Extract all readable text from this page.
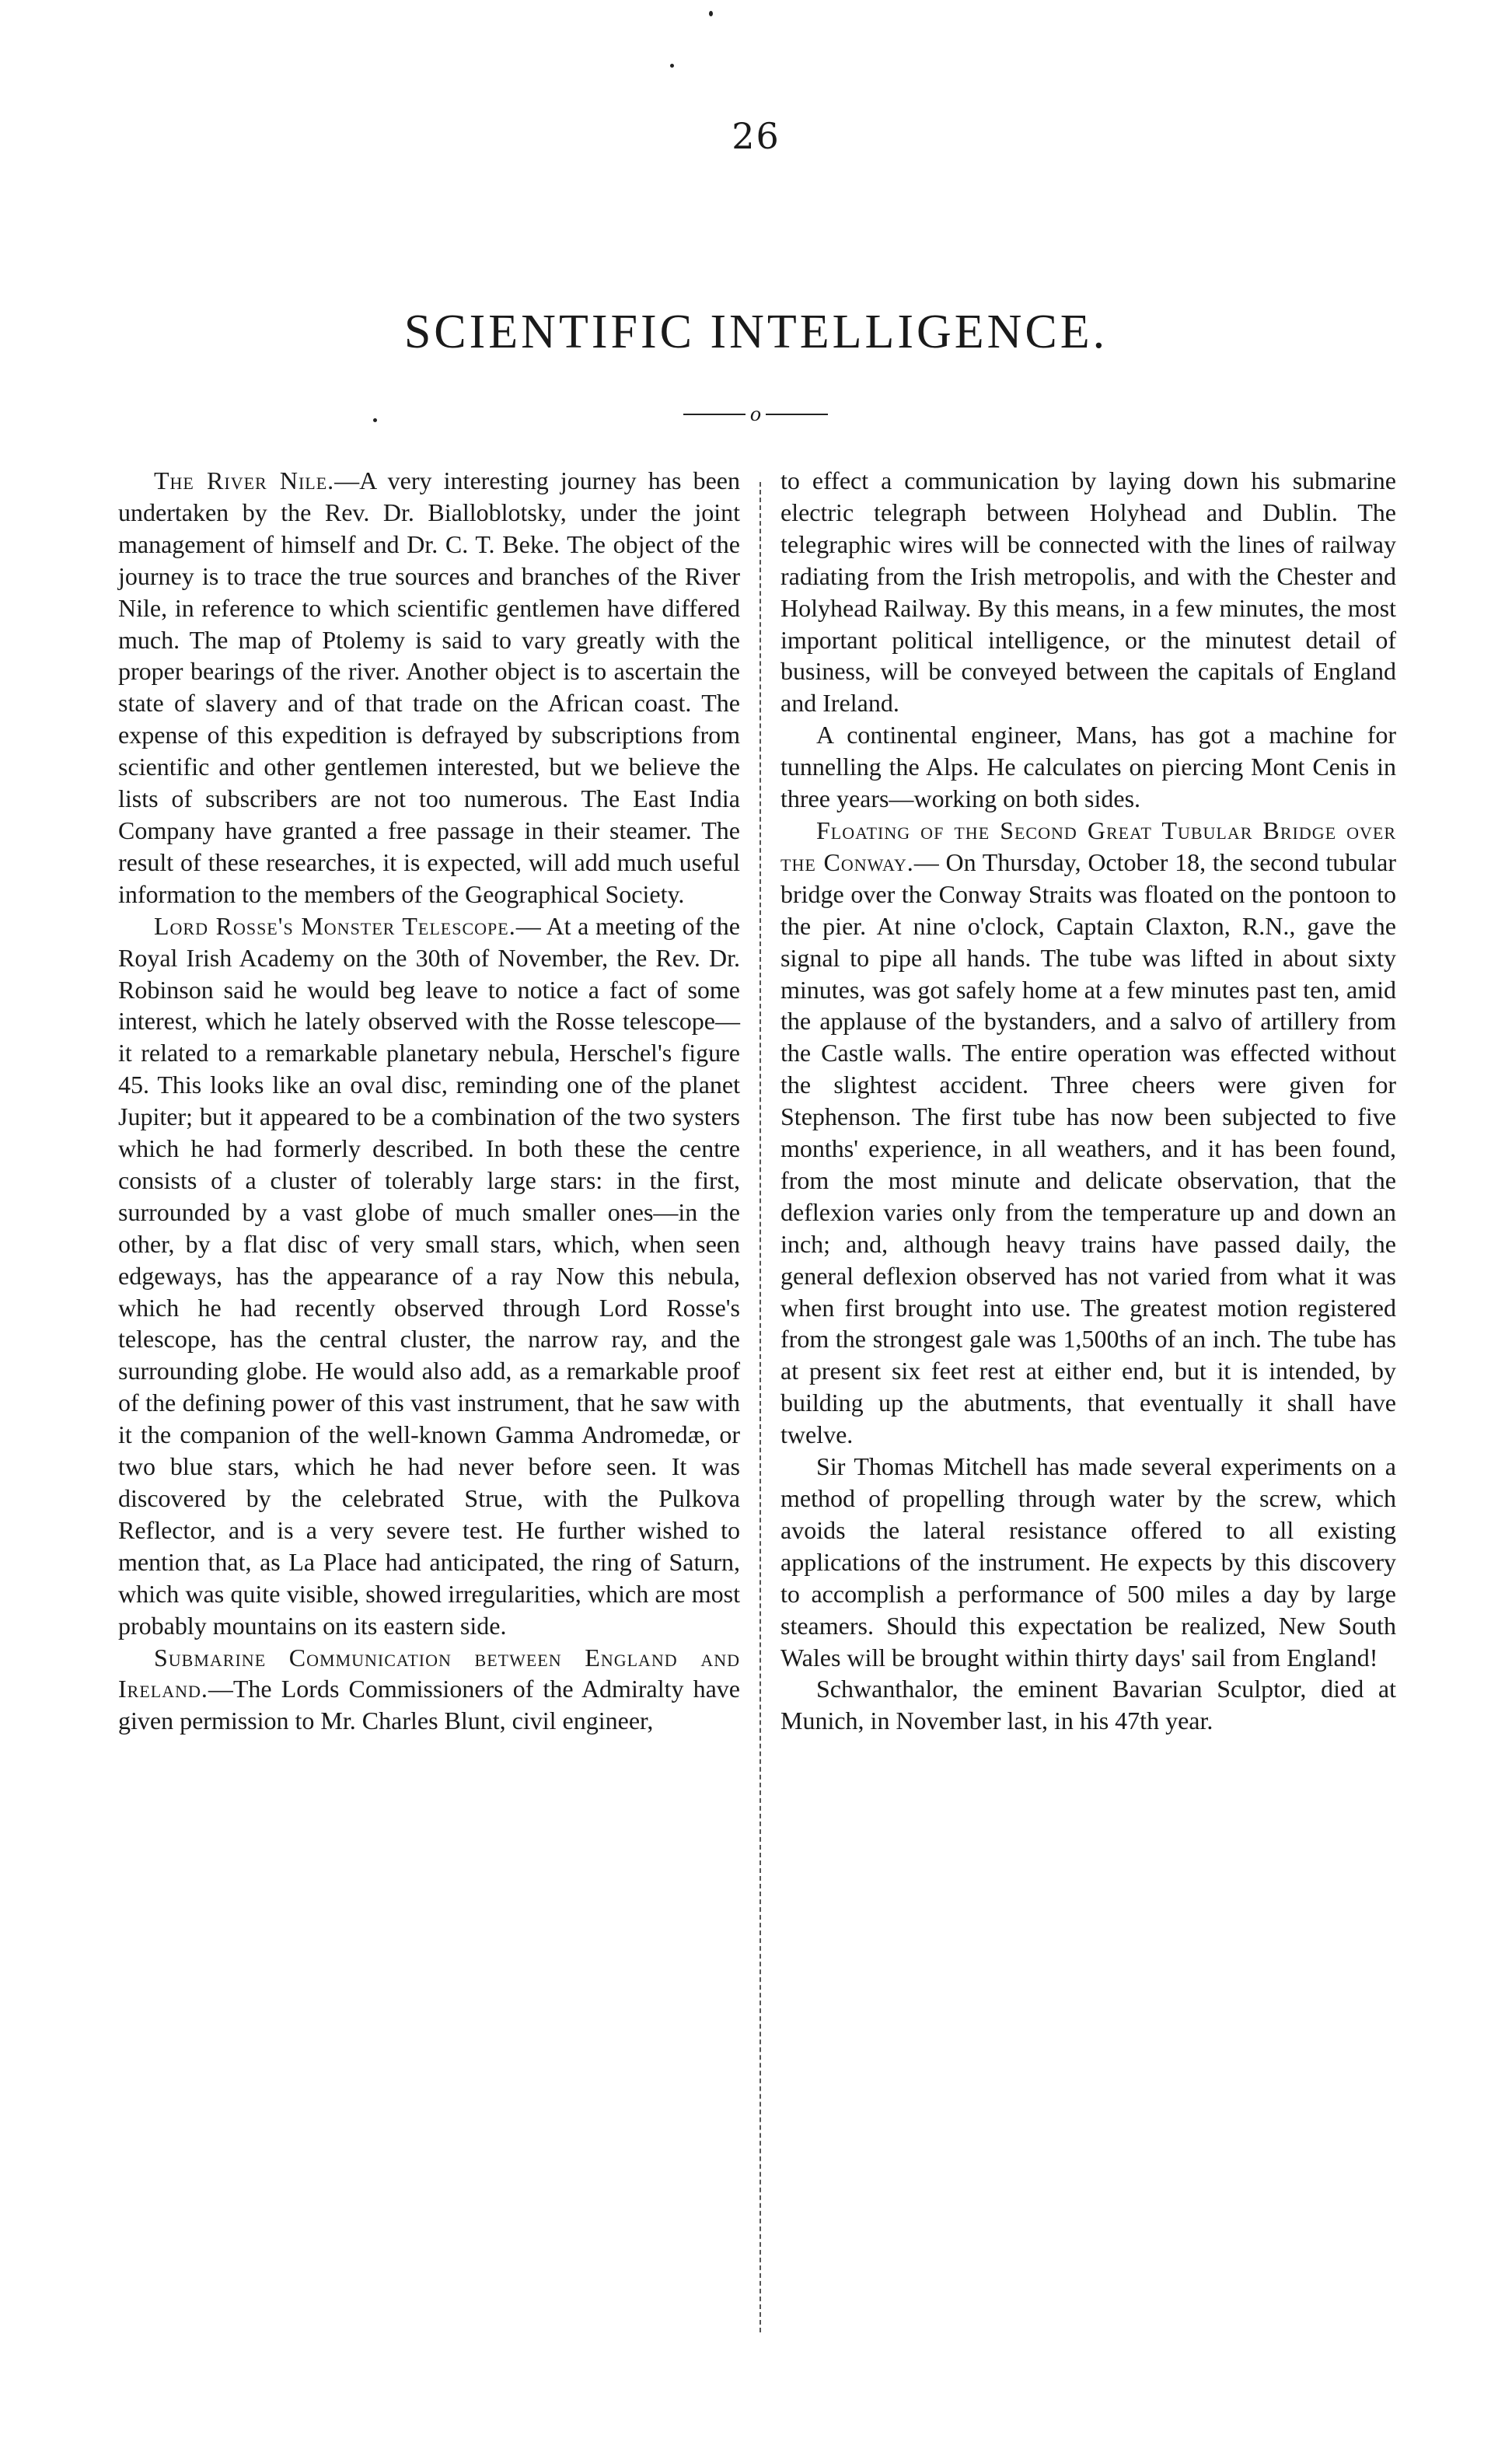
26
SCIENTIFIC INTELLIGENCE.
o

The River Nile.—A very interesting journey has been undertaken by the Rev. Dr. Bialloblotsky, under the joint management of himself and Dr. C. T. Beke. The object of the journey is to trace the true sources and branches of the River Nile, in reference to which scientific gentlemen have differed much. The map of Ptolemy is said to vary greatly with the proper bearings of the river. Another object is to ascertain the state of slavery and of that trade on the African coast. The expense of this expedition is defrayed by subscriptions from scientific and other gentlemen interested, but we believe the lists of subscribers are not too numerous. The East India Company have granted a free passage in their steamer. The result of these researches, it is expected, will add much useful information to the members of the Geographical Society.

Lord Rosse's Monster Telescope.— At a meeting of the Royal Irish Academy on the 30th of November, the Rev. Dr. Robinson said he would beg leave to notice a fact of some interest, which he lately observed with the Rosse telescope—it related to a remarkable planetary nebula, Herschel's figure 45. This looks like an oval disc, reminding one of the planet Jupiter; but it appeared to be a combination of the two systers which he had formerly described. In both these the centre consists of a cluster of tolerably large stars: in the first, surrounded by a vast globe of much smaller ones—in the other, by a flat disc of very small stars, which, when seen edgeways, has the appearance of a ray Now this nebula, which he had recently observed through Lord Rosse's telescope, has the central cluster, the narrow ray, and the surrounding globe. He would also add, as a remarkable proof of the defining power of this vast instrument, that he saw with it the companion of the well-known Gamma Andromedæ, or two blue stars, which he had never before seen. It was discovered by the celebrated Strue, with the Pulkova Reflector, and is a very severe test. He further wished to mention that, as La Place had anticipated, the ring of Saturn, which was quite visible, showed irregularities, which are most probably mountains on its eastern side.

Submarine Communication between England and Ireland.—The Lords Commissioners of the Admiralty have given permission to Mr. Charles Blunt, civil engineer,

to effect a communication by laying down his submarine electric telegraph between Holyhead and Dublin. The telegraphic wires will be connected with the lines of railway radiating from the Irish metropolis, and with the Chester and Holyhead Railway. By this means, in a few minutes, the most important political intelligence, or the minutest detail of business, will be conveyed between the capitals of England and Ireland.

A continental engineer, Mans, has got a machine for tunnelling the Alps. He calculates on piercing Mont Cenis in three years—working on both sides.

Floating of the Second Great Tubular Bridge over the Conway.— On Thursday, October 18, the second tubular bridge over the Conway Straits was floated on the pontoon to the pier. At nine o'clock, Captain Claxton, R.N., gave the signal to pipe all hands. The tube was lifted in about sixty minutes, was got safely home at a few minutes past ten, amid the applause of the bystanders, and a salvo of artillery from the Castle walls. The entire operation was effected without the slightest accident. Three cheers were given for Stephenson. The first tube has now been subjected to five months' experience, in all weathers, and it has been found, from the most minute and delicate observation, that the deflexion varies only from the temperature up and down an inch; and, although heavy trains have passed daily, the general deflexion observed has not varied from what it was when first brought into use. The greatest motion registered from the strongest gale was 1,500ths of an inch. The tube has at present six feet rest at either end, but it is intended, by building up the abutments, that eventually it shall have twelve.

Sir Thomas Mitchell has made several experiments on a method of propelling through water by the screw, which avoids the lateral resistance offered to all existing applications of the instrument. He expects by this discovery to accomplish a performance of 500 miles a day by large steamers. Should this expectation be realized, New South Wales will be brought within thirty days' sail from England!

Schwanthalor, the eminent Bavarian Sculptor, died at Munich, in November last, in his 47th year.
